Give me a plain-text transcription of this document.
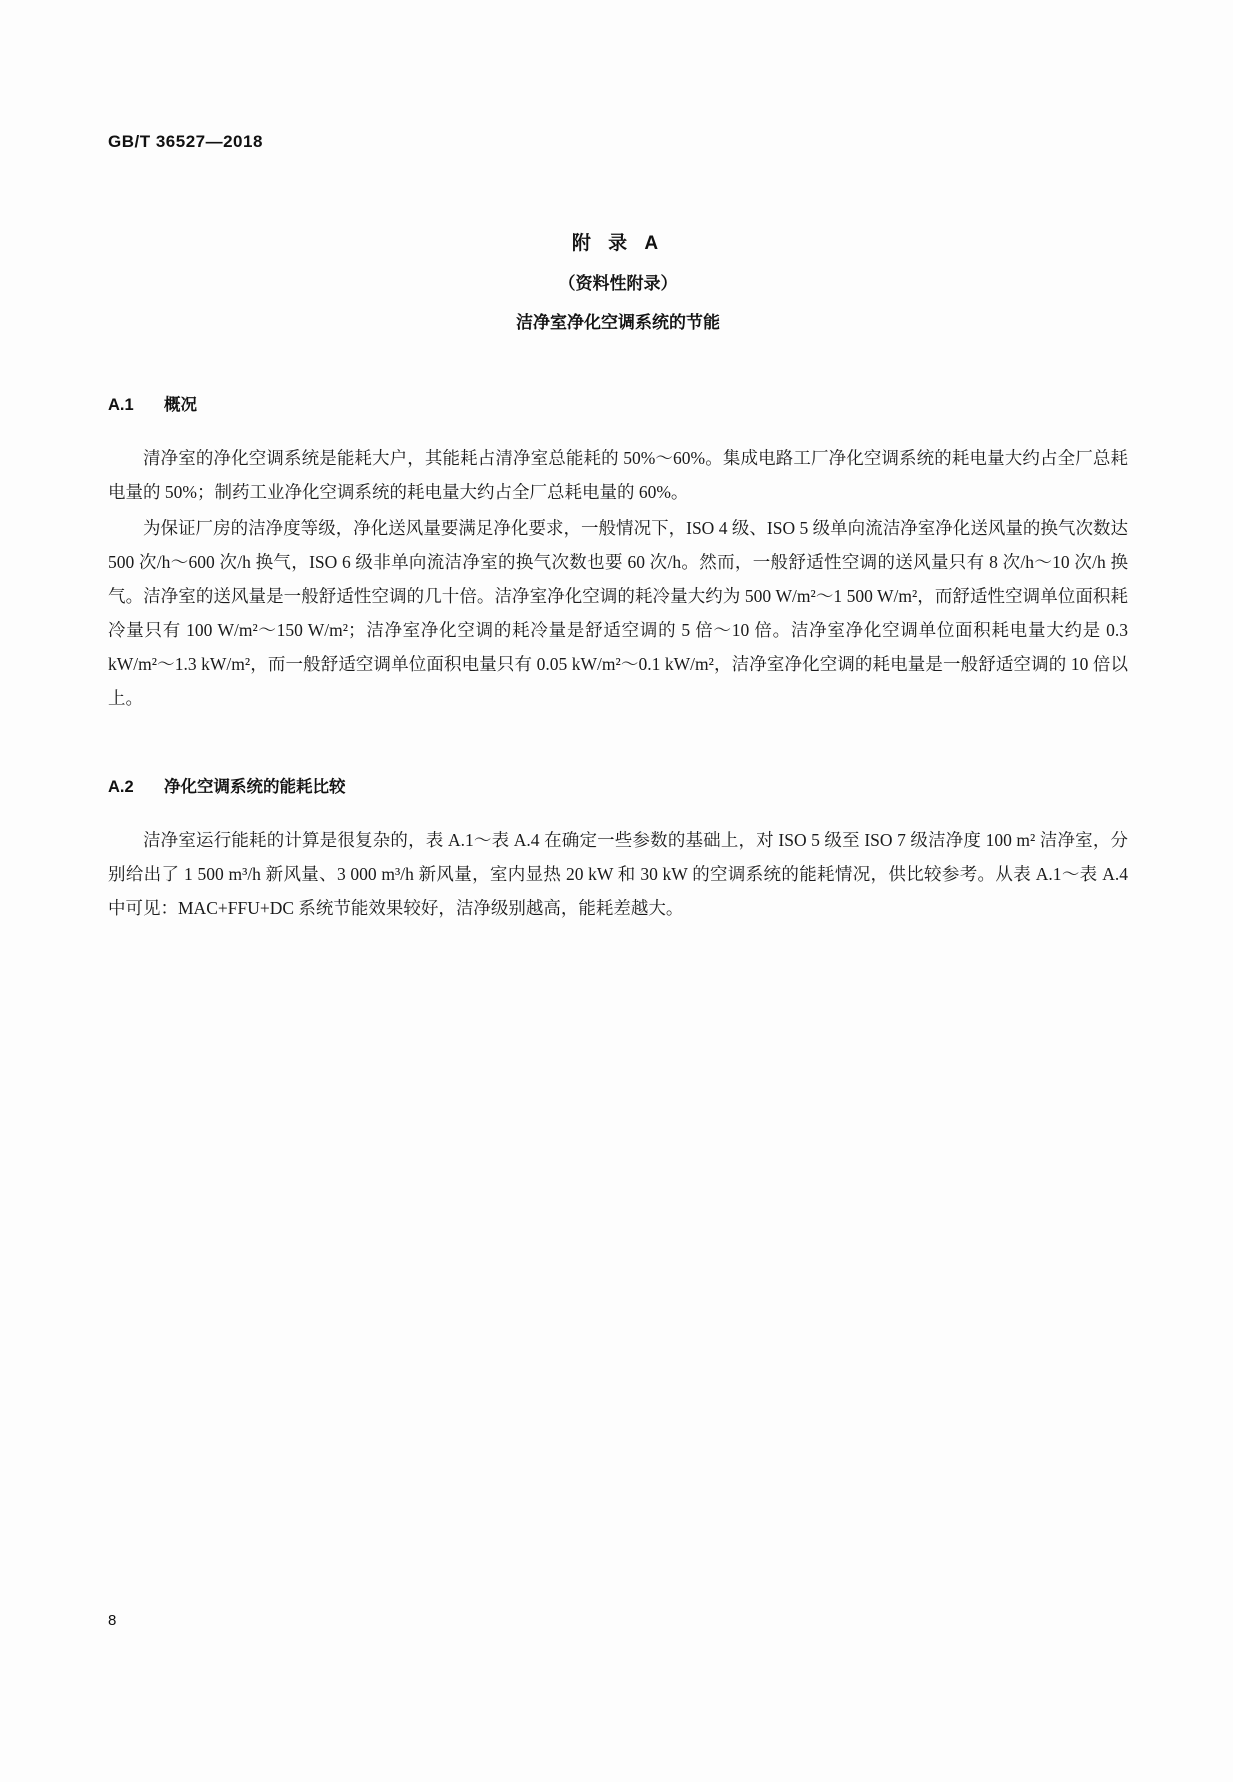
GB/T 36527—2018
附 录 A
（资料性附录）
洁净室净化空调系统的节能
A.1 概况

清净室的净化空调系统是能耗大户，其能耗占清净室总能耗的 50%～60%。集成电路工厂净化空调系统的耗电量大约占全厂总耗电量的 50%；制药工业净化空调系统的耗电量大约占全厂总耗电量的 60%。

为保证厂房的洁净度等级，净化送风量要满足净化要求，一般情况下，ISO 4 级、ISO 5 级单向流洁净室净化送风量的换气次数达 500 次/h～600 次/h 换气，ISO 6 级非单向流洁净室的换气次数也要 60 次/h。然而，一般舒适性空调的送风量只有 8 次/h～10 次/h 换气。洁净室的送风量是一般舒适性空调的几十倍。洁净室净化空调的耗冷量大约为 500 W/m²～1 500 W/m²，而舒适性空调单位面积耗冷量只有 100 W/m²～150 W/m²；洁净室净化空调的耗冷量是舒适空调的 5 倍～10 倍。洁净室净化空调单位面积耗电量大约是 0.3 kW/m²～1.3 kW/m²，而一般舒适空调单位面积电量只有 0.05 kW/m²～0.1 kW/m²，洁净室净化空调的耗电量是一般舒适空调的 10 倍以上。

A.2 净化空调系统的能耗比较

洁净室运行能耗的计算是很复杂的，表 A.1～表 A.4 在确定一些参数的基础上，对 ISO 5 级至 ISO 7 级洁净度 100 m² 洁净室，分别给出了 1 500 m³/h 新风量、3 000 m³/h 新风量，室内显热 20 kW 和 30 kW 的空调系统的能耗情况，供比较参考。从表 A.1～表 A.4 中可见：MAC+FFU+DC 系统节能效果较好，洁净级别越高，能耗差越大。

8
